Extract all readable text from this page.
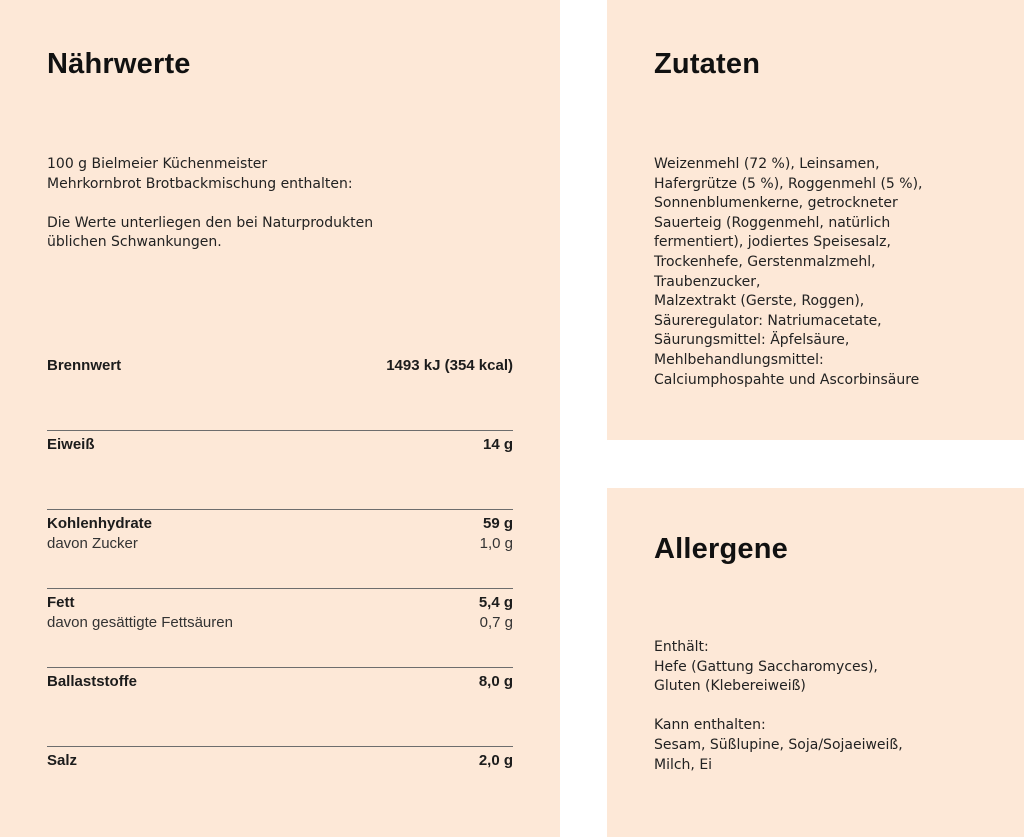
Nährwerte
100 g Bielmeier Küchenmeister
Mehrkornbrot Brotbackmischung enthalten:

Die Werte unterliegen den bei Naturprodukten
üblichen Schwankungen.
Brennwert	1493 kJ (354 kcal)
Eiweiß	14 g
Kohlenhydrate	59 g
davon Zucker	1,0 g
Fett	5,4 g
davon gesättigte Fettsäuren	0,7 g
Ballaststoffe	8,0 g
Salz	2,0 g
Zutaten
Weizenmehl (72 %), Leinsamen,
Hafergrütze (5 %), Roggenmehl (5 %),
Sonnenblumenkerne, getrockneter
Sauerteig (Roggenmehl, natürlich
fermentiert), jodiertes Speisesalz,
Trockenhefe, Gerstenmalzmehl,
Traubenzucker,
Malzextrakt (Gerste, Roggen),
Säureregulator: Natriumacetate,
Säurungsmittel: Äpfelsäure,
Mehlbehandlungsmittel:
Calciumphospahte und Ascorbinsäure
Allergene
Enthält:
Hefe (Gattung Saccharomyces),
Gluten (Klebereiweiß)

Kann enthalten:
Sesam, Süßlupine, Soja/Sojaeiweiß,
Milch, Ei
